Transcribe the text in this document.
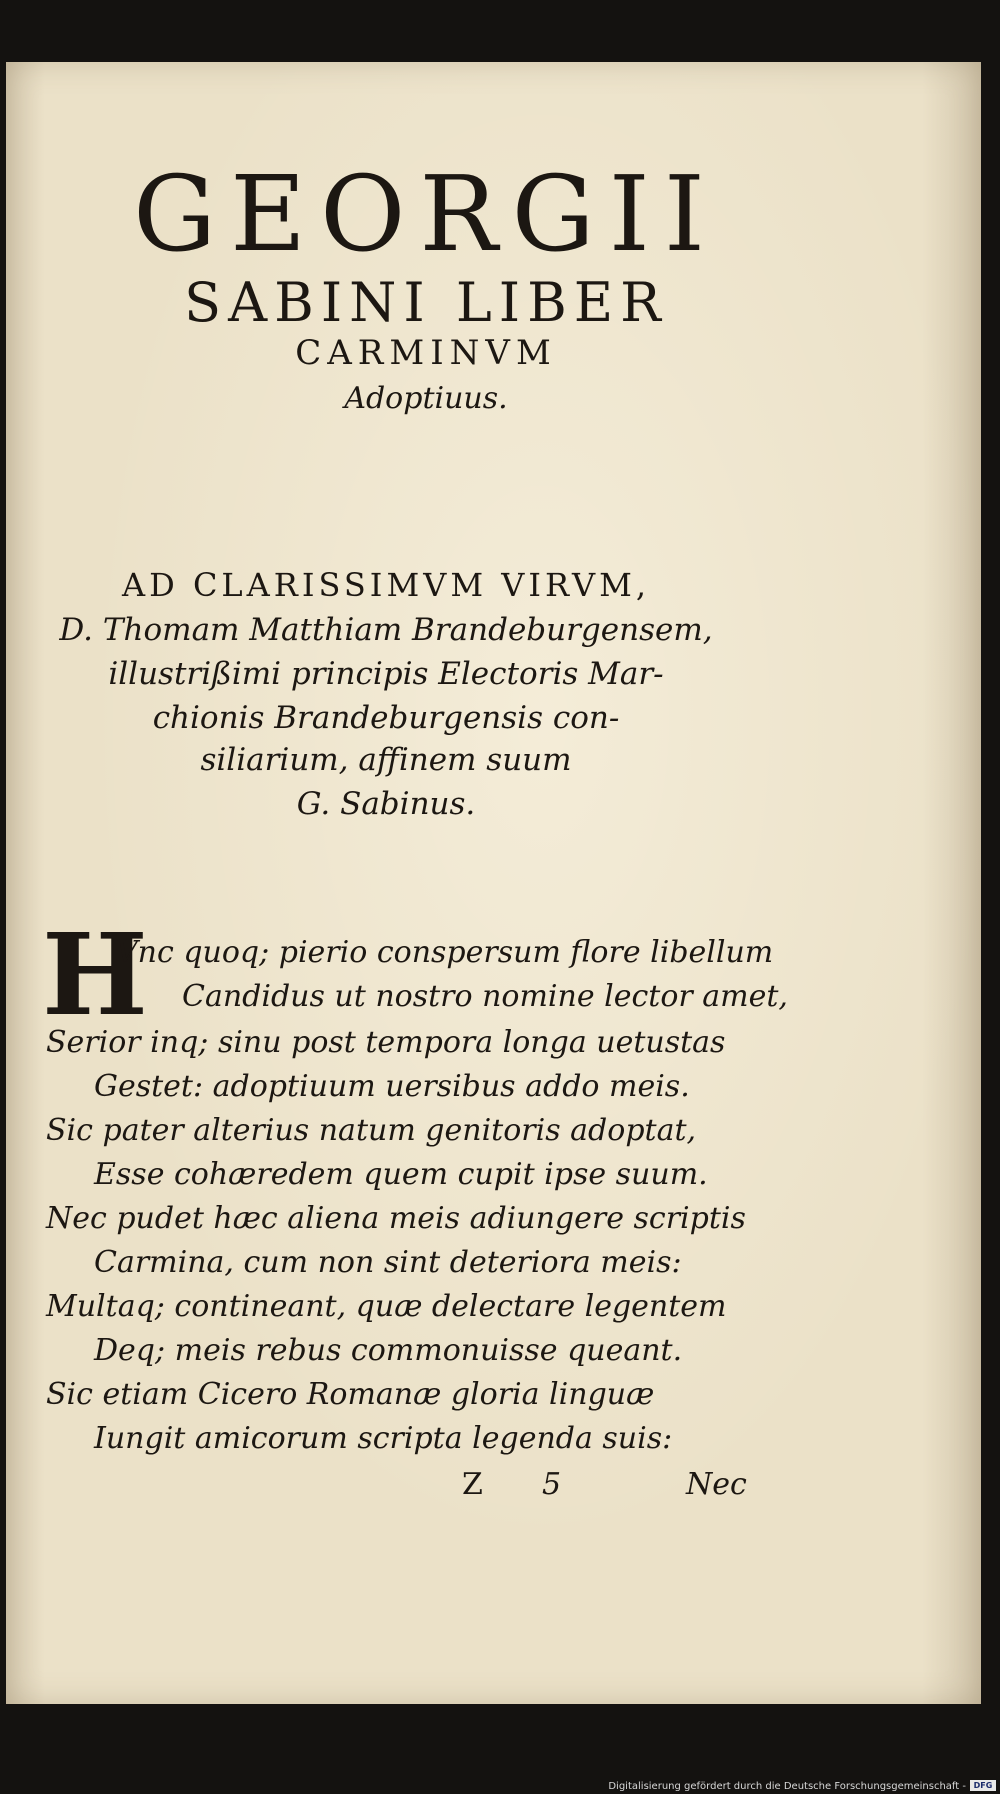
GEORGII
SABINI LIBER
CARMINVM
Adoptiuus.
AD CLARISSIMVM VIRVM,
D. Thomam Matthiam Brandeburgensem,
illustrißimi principis Electoris Mar-
chionis Brandeburgensis con-
siliarium, affinem suum
G. Sabinus.
H
Vnc quoq; pierio conspersum flore libellum
Candidus ut nostro nomine lector amet,
Serior inq; sinu post tempora longa uetustas
Gestet: adoptiuum uersibus addo meis.
Sic pater alterius natum genitoris adoptat,
Esse cohæredem quem cupit ipse suum.
Nec pudet hæc aliena meis adiungere scriptis
Carmina, cum non sint deteriora meis:
Multaq; contineant, quæ delectare legentem
Deq; meis rebus commonuisse queant.
Sic etiam Cicero Romanæ gloria linguæ
Iungit amicorum scripta legenda suis:
Z 5	Nec
Digitalisierung gefördert durch die Deutsche Forschungsgemeinschaft - DFG
